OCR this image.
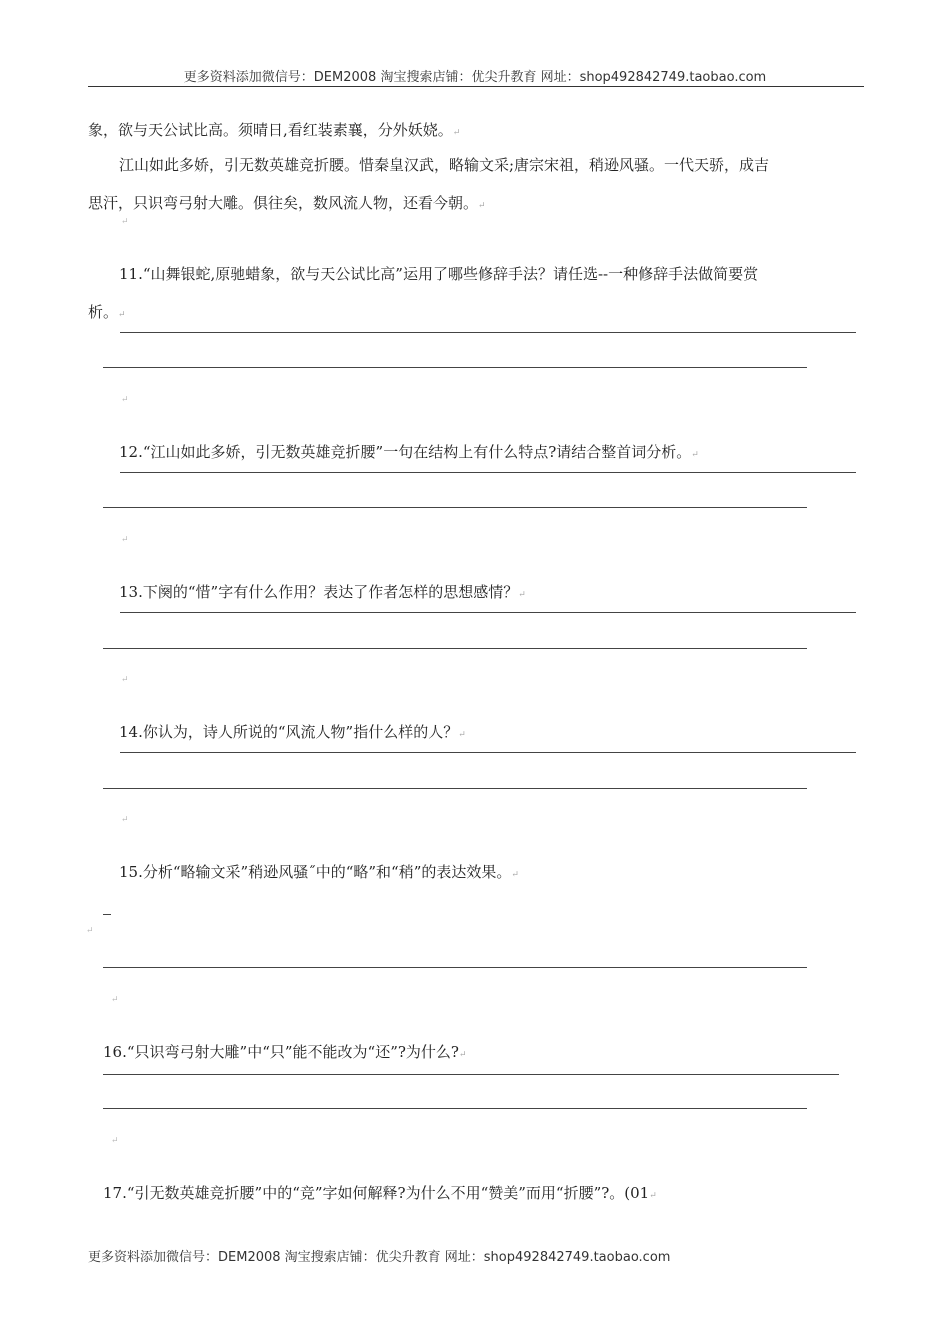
更多资料添加微信号：DEM2008 淘宝搜索店铺：优尖升教育 网址：shop492842749.taobao.com
象，欲与天公试比高。须晴日,看红装素襄，分外妖娆。↵
江山如此多娇，引无数英雄竞折腰。惜秦皇汉武，略输文采;唐宗宋祖，稍逊风骚。一代天骄，成吉
思汗，只识弯弓射大雕。俱往矣，数风流人物，还看今朝。↵
↵
11.“山舞银蛇,原驰蜡象，欲与天公试比高”运用了哪些修辞手法？请任选--一种修辞手法做简要赏
析。↵
↵
12.“江山如此多娇，引无数英雄竞折腰”一句在结构上有什么特点?请结合整首词分析。↵
↵
13.下阕的“惜”字有什么作用？表达了作者怎样的思想感情？↵
↵
14.你认为，诗人所说的“风流人物”指什么样的人？↵
↵
15.分析“略输文采”稍逊风骚˝中的“略”和“稍”的表达效果。↵
↵
↵
16.“只识弯弓射大雕”中“只”能不能改为“还”?为什么?↵
↵
17.“引无数英雄竞折腰”中的“竞”字如何解释?为什么不用“赞美”而用“折腰”?。(01↵
更多资料添加微信号：DEM2008 淘宝搜索店铺：优尖升教育 网址：shop492842749.taobao.com
